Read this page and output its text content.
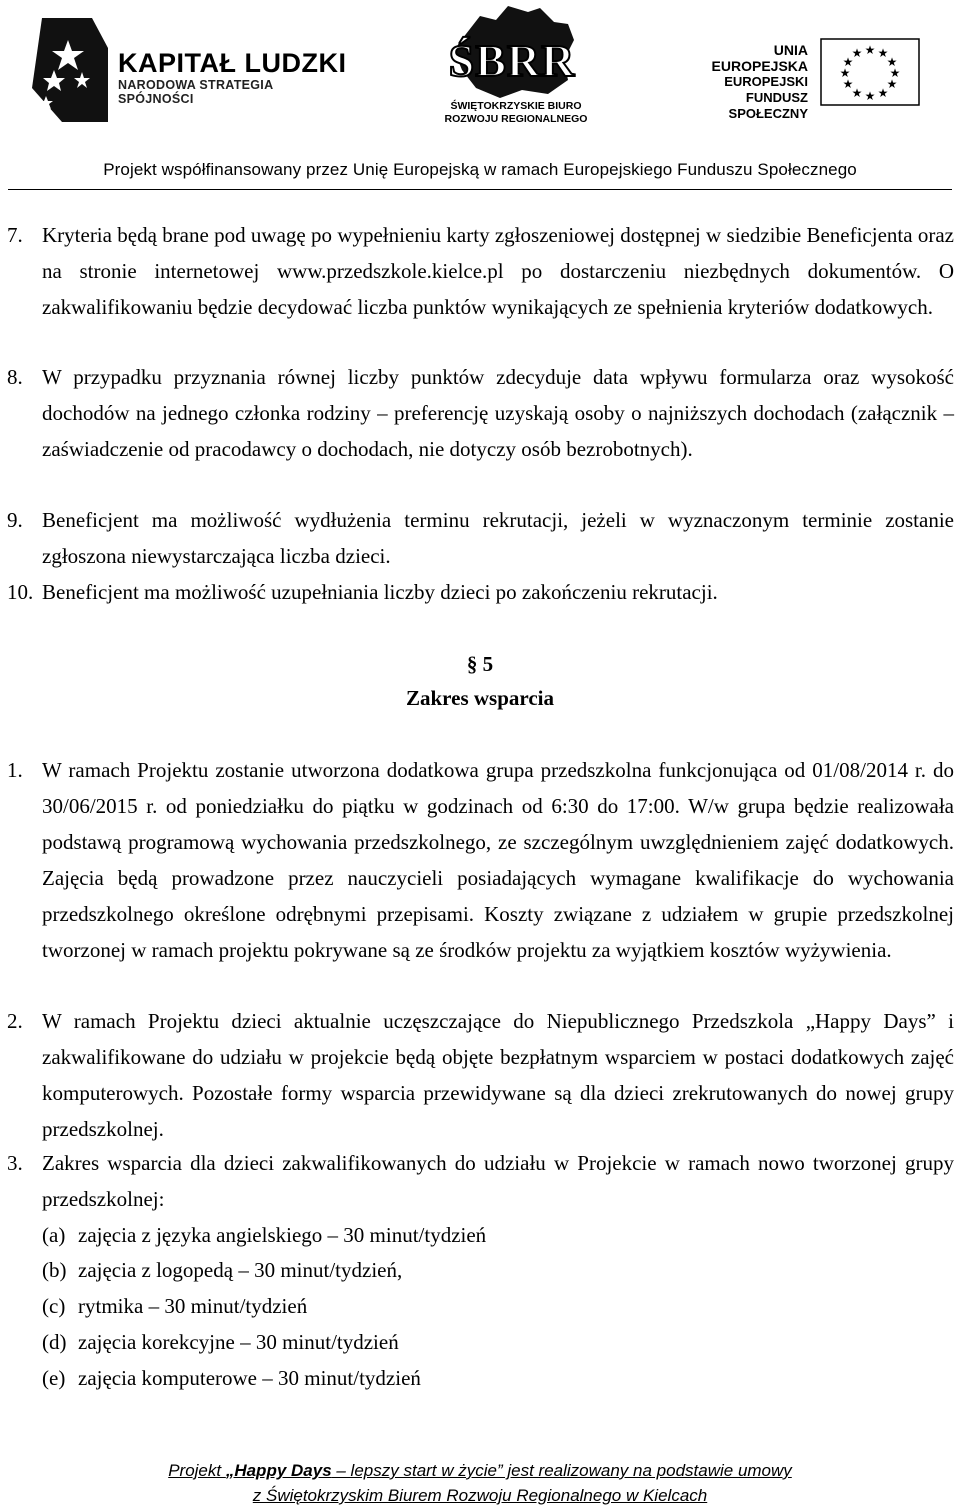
KAPITAŁ LUDZKI
NARODOWA STRATEGIA SPÓJNOŚCI
ŚBRR
ŚWIĘTOKRZYSKIE BIURO
ROZWOJU REGIONALNEGO
UNIA EUROPEJSKA
EUROPEJSKI
FUNDUSZ SPOŁECZNY
★ ★
★
★
★
★
★
★
★
★
★
★
Projekt współfinansowany przez Unię Europejską w ramach Europejskiego Funduszu Społecznego
7. Kryteria będą brane pod uwagę po wypełnieniu karty zgłoszeniowej dostępnej w siedzibie Beneficjenta oraz na stronie internetowej www.przedszkole.kielce.pl po dostarczeniu niezbędnych dokumentów. O zakwalifikowaniu będzie decydować liczba punktów wynikających ze spełnienia kryteriów dodatkowych.
8. W przypadku przyznania równej liczby punktów zdecyduje data wpływu formularza oraz wysokość dochodów na jednego członka rodziny – preferencję uzyskają osoby o najniższych dochodach (załącznik – zaświadczenie od pracodawcy o dochodach, nie dotyczy osób bezrobotnych).
9. Beneficjent ma możliwość wydłużenia terminu rekrutacji, jeżeli w wyznaczonym terminie zostanie zgłoszona niewystarczająca liczba dzieci.
10. Beneficjent ma możliwość uzupełniania liczby dzieci po zakończeniu rekrutacji.
§ 5
Zakres wsparcia
1. W ramach Projektu zostanie utworzona dodatkowa grupa przedszkolna funkcjonująca od 01/08/2014 r. do 30/06/2015 r. od poniedziałku do piątku w godzinach od 6:30 do 17:00. W/w grupa będzie realizowała podstawą programową wychowania przedszkolnego, ze szczególnym uwzględnieniem zajęć dodatkowych. Zajęcia będą prowadzone przez nauczycieli posiadających wymagane kwalifikacje do wychowania przedszkolnego określone odrębnymi przepisami. Koszty związane z udziałem w grupie przedszkolnej tworzonej w ramach projektu pokrywane są ze środków projektu za wyjątkiem kosztów wyżywienia.
2. W ramach Projektu dzieci aktualnie uczęszczające do Niepublicznego Przedszkola „Happy Days” i zakwalifikowane do udziału w projekcie będą objęte bezpłatnym wsparciem w postaci dodatkowych zajęć komputerowych. Pozostałe formy wsparcia przewidywane są dla dzieci zrekrutowanych do nowej grupy przedszkolnej.
3. Zakres wsparcia dla dzieci zakwalifikowanych do udziału w Projekcie w ramach nowo tworzonej grupy przedszkolnej:
(a) zajęcia z języka angielskiego – 30 minut/tydzień
(b) zajęcia z logopedą – 30 minut/tydzień,
(c) rytmika – 30 minut/tydzień
(d) zajęcia korekcyjne – 30 minut/tydzień
(e) zajęcia komputerowe – 30 minut/tydzień
Projekt „Happy Days – lepszy start w życie” jest realizowany na podstawie umowy
z Świętokrzyskim Biurem Rozwoju Regionalnego w Kielcach
